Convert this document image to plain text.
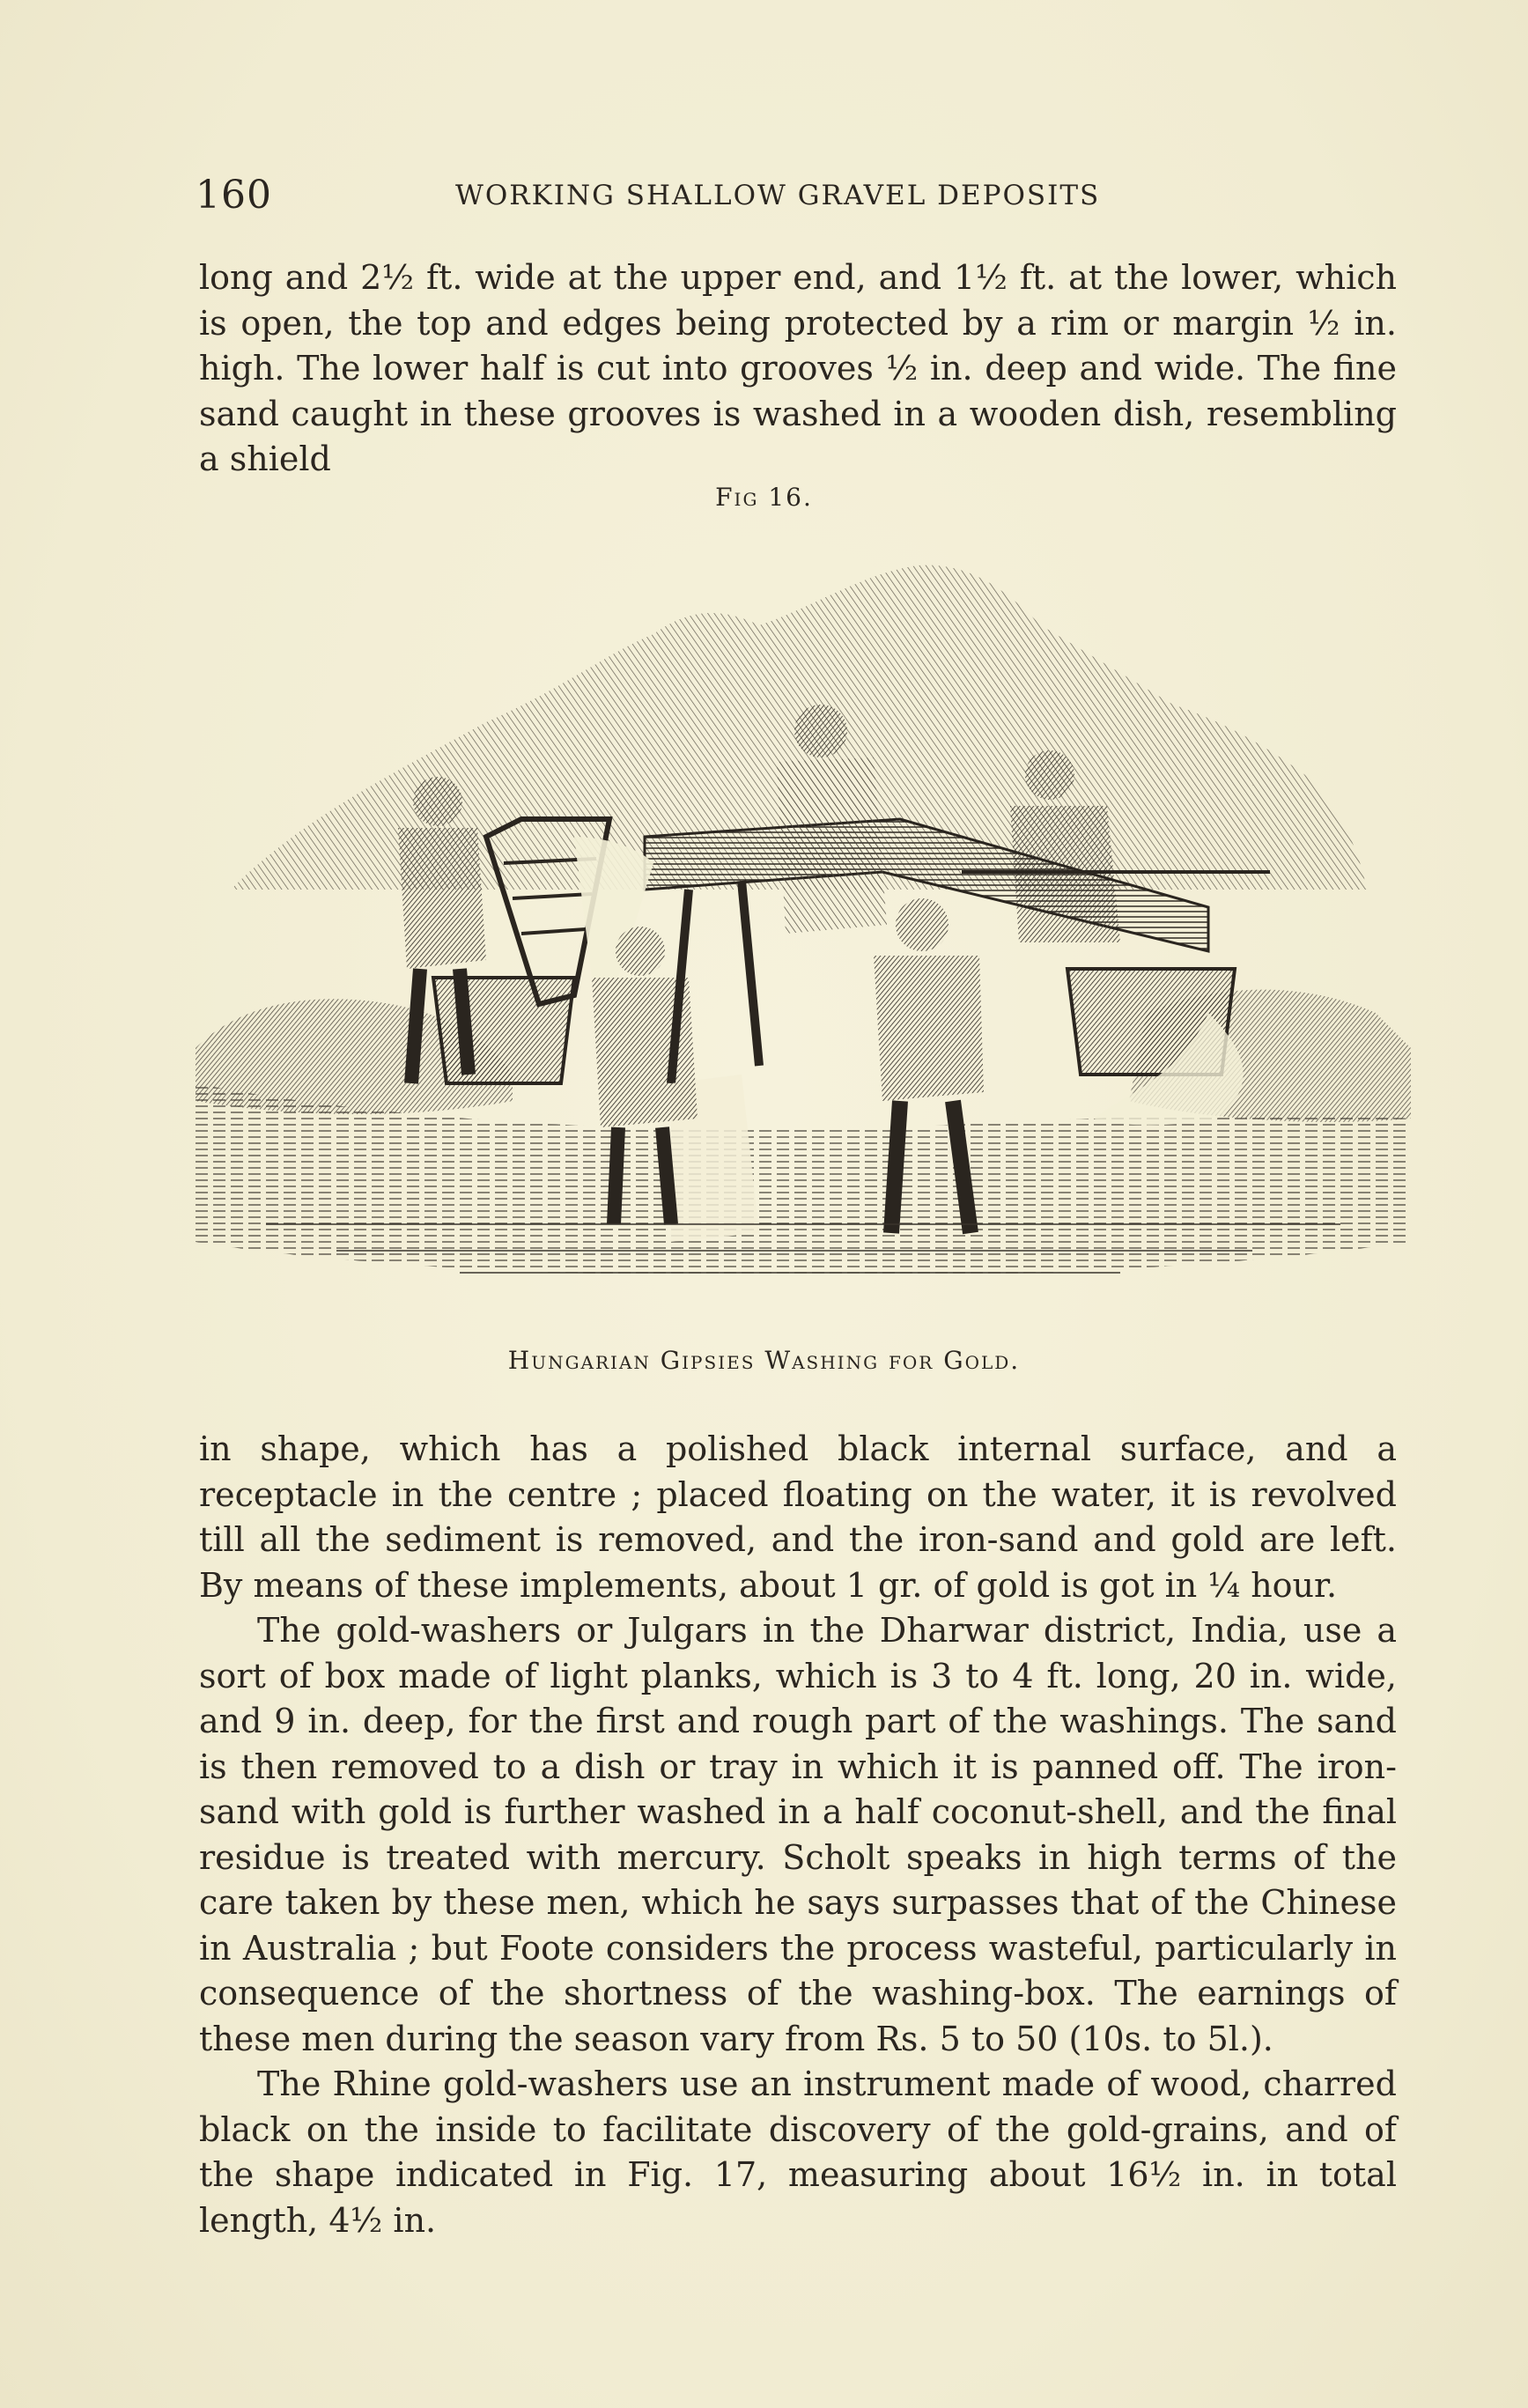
160	WORKING SHALLOW GRAVEL DEPOSITS

long and 2½ ft. wide at the upper end, and 1½ ft. at the lower, which is open, the top and edges being protected by a rim or margin ½ in. high. The lower half is cut into grooves ½ in. deep and wide. The fine sand caught in these grooves is washed in a wooden dish, resembling a shield

Fig 16.
Hungarian Gipsies Washing for Gold.

in shape, which has a polished black internal surface, and a receptacle in the centre ; placed floating on the water, it is revolved till all the sediment is removed, and the iron-sand and gold are left. By means of these implements, about 1 gr. of gold is got in ¼ hour.

The gold-washers or Julgars in the Dharwar district, India, use a sort of box made of light planks, which is 3 to 4 ft. long, 20 in. wide, and 9 in. deep, for the first and rough part of the washings. The sand is then removed to a dish or tray in which it is panned off. The iron-sand with gold is further washed in a half coconut-shell, and the final residue is treated with mercury. Scholt speaks in high terms of the care taken by these men, which he says surpasses that of the Chinese in Australia ; but Foote considers the process wasteful, particularly in consequence of the shortness of the washing-box. The earnings of these men during the season vary from Rs. 5 to 50 (10s. to 5l.).

The Rhine gold-washers use an instrument made of wood, charred black on the inside to facilitate discovery of the gold-grains, and of the shape indicated in Fig. 17, measuring about 16½ in. in total length, 4½ in.
